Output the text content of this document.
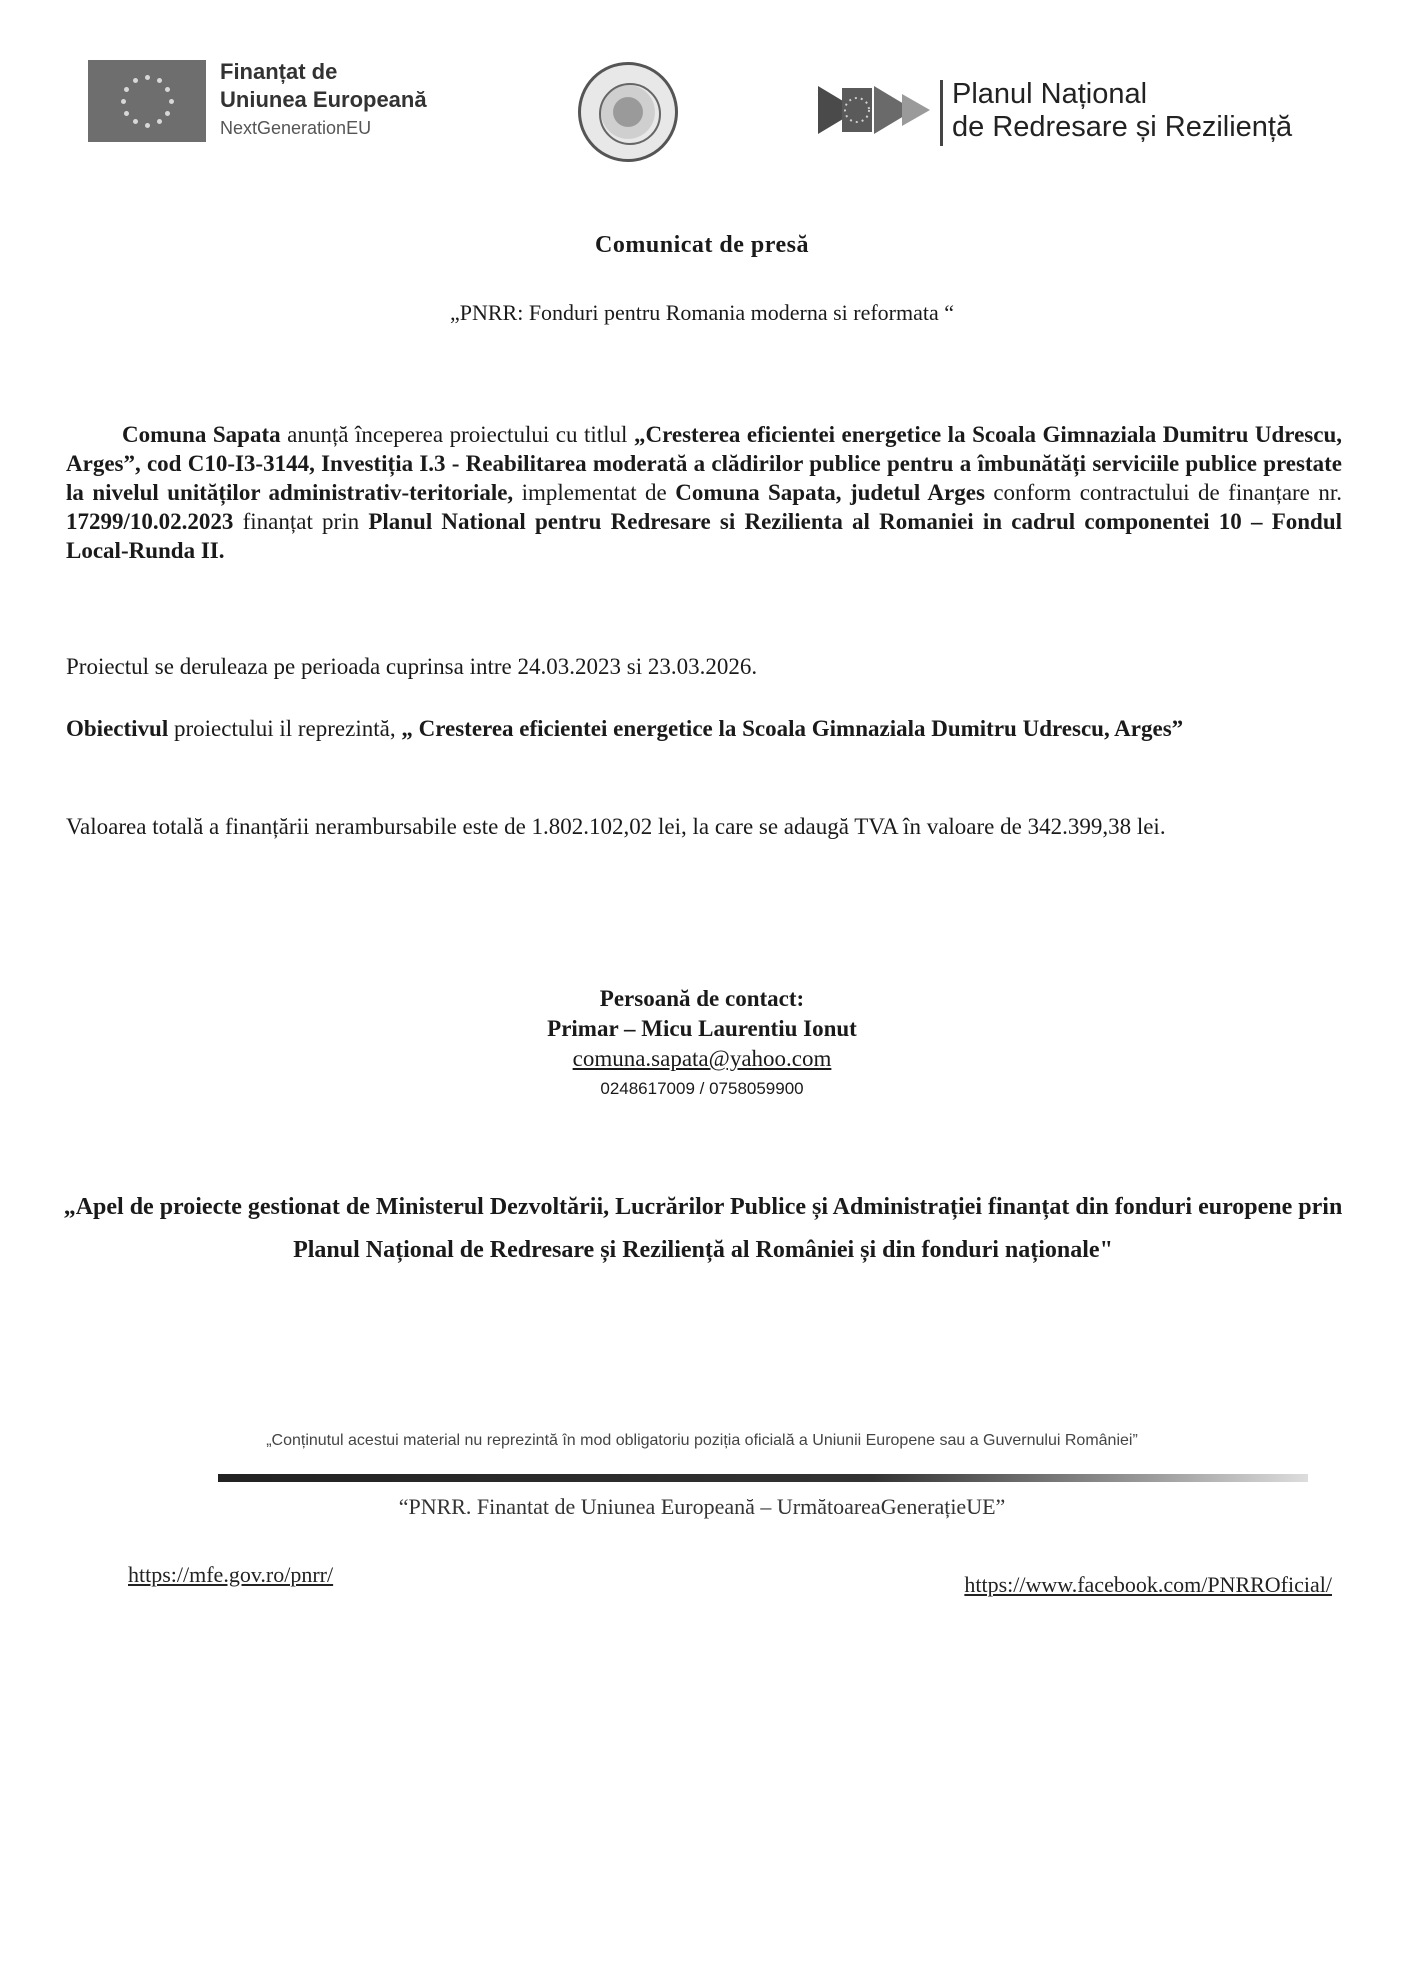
Finanțat de
Uniunea Europeană
NextGenerationEU
Planul Național
de Redresare și Reziliență
Comunicat de presă
„PNRR: Fonduri pentru Romania moderna si reformata “
Comuna Sapata anunță începerea proiectului cu titlul „Cresterea eficientei energetice la Scoala Gimnaziala Dumitru Udrescu, Arges”, cod C10-I3-3144, Investiția I.3 - Reabilitarea moderată a clădirilor publice pentru a îmbunătăți serviciile publice prestate la nivelul unităților administrativ-teritoriale, implementat de Comuna Sapata, judetul Arges conform contractului de finanțare nr. 17299/10.02.2023 finanțat prin Planul National pentru Redresare si Rezilienta al Romaniei in cadrul componentei 10 – Fondul Local-Runda II.
Proiectul se deruleaza pe perioada cuprinsa intre 24.03.2023 si 23.03.2026.
Obiectivul proiectului il reprezintă, „ Cresterea eficientei energetice la Scoala Gimnaziala Dumitru Udrescu, Arges”
Valoarea totală a finanțării nerambursabile este de 1.802.102,02 lei, la care se adaugă TVA în valoare de 342.399,38 lei.
Persoană de contact:
Primar – Micu Laurentiu Ionut
comuna.sapata@yahoo.com
0248617009 / 0758059900
„Apel de proiecte gestionat de Ministerul Dezvoltării, Lucrărilor Publice și Administrației finanțat din fonduri europene prin Planul Național de Redresare și Reziliență al României și din fonduri naționale"
„Conținutul acestui material nu reprezintă în mod obligatoriu poziția oficială a Uniunii Europene sau a Guvernului României”
“PNRR. Finantat de Uniunea Europeană – UrmătoareaGenerațieUE”
https://mfe.gov.ro/pnrr/	https://www.facebook.com/PNRROficial/
